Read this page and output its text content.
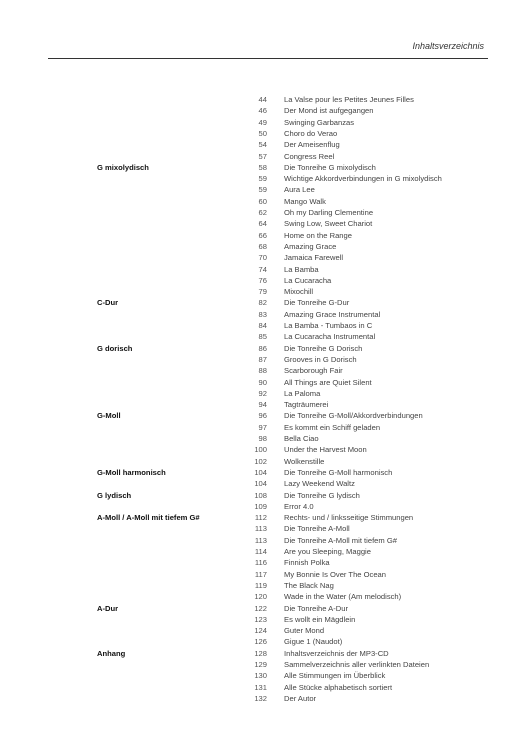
Inhaltsverzeichnis
G mixolydisch
C-Dur
G dorisch
G-Moll
G-Moll harmonisch
G lydisch
A-Moll / A-Moll mit tiefem G#
A-Dur
Anhang
44 La Valse pour les Petites Jeunes Filles
46 Der Mond ist aufgegangen
49 Swinging Garbanzas
50 Choro do Verao
54 Der Ameisenflug
57 Congress Reel
58 Die Tonreihe G mixolydisch
59 Wichtige Akkordverbindungen in G mixolydisch
59 Aura Lee
60 Mango Walk
62 Oh my Darling Clementine
64 Swing Low, Sweet Chariot
66 Home on the Range
68 Amazing Grace
70 Jamaica Farewell
74 La Bamba
76 La Cucaracha
79 Mixochill
82 Die Tonreihe G-Dur
83 Amazing Grace Instrumental
84 La Bamba - Tumbaos in C
85 La Cucaracha Instrumental
86 Die Tonreihe G Dorisch
87 Grooves in G Dorisch
88 Scarborough Fair
90 All Things are Quiet Silent
92 La Paloma
94 Tagträumerei
96 Die Tonreihe G-Moll/Akkordverbindungen
97 Es kommt ein Schiff geladen
98 Bella Ciao
100 Under the Harvest Moon
102 Wolkenstille
104 Die Tonreihe G-Moll harmonisch
104 Lazy Weekend Waltz
108 Die Tonreihe G lydisch
109 Error 4.0
112 Rechts- und / linksseitige Stimmungen
113 Die Tonreihe A-Moll
113 Die Tonreihe A-Moll mit tiefem G#
114 Are you Sleeping, Maggie
116 Finnish Polka
117 My Bonnie Is Over The Ocean
119 The Black Nag
120 Wade in the Water (Am melodisch)
122 Die Tonreihe A-Dur
123 Es wollt ein Mägdlein
124 Guter Mond
126 Gigue 1 (Naudot)
128 Inhaltsverzeichnis der MP3-CD
129 Sammelverzeichnis aller verlinkten Dateien
130 Alle Stimmungen im Überblick
131 Alle Stücke alphabetisch sortiert
132 Der Autor
